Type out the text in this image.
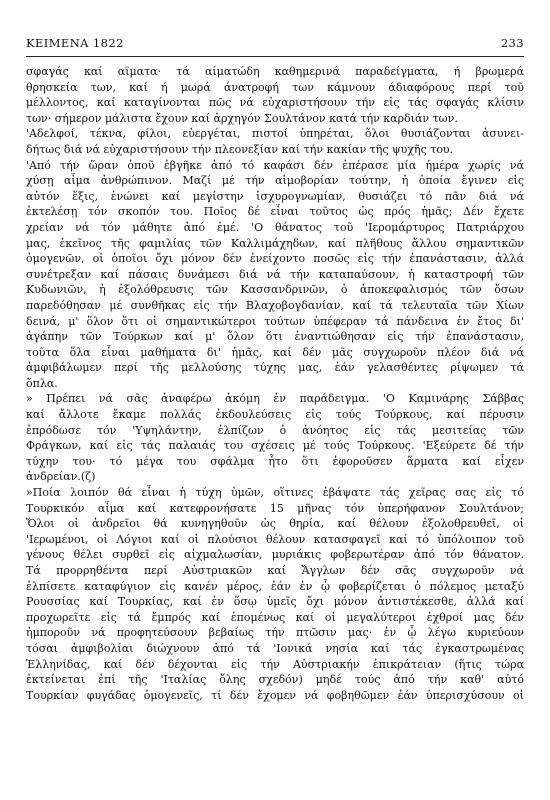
ΚΕΙΜΕΝΑ 1822	233
σφαγάς καί αϊματα· τά αίματώδη καθημερινά παραδείγματα, ή βρωμερά
θρησκεία των, καί ή μωρά άνατροφή των κάμνουν άδιαφόρους περί τοῦ
μέλλοντος, καί καταγίνονται πῶς νά εὐχαριστήσουν τήν εἰς τάς σφαγάς κλίσιν
των· σήμερον μάλιστα ἔχουν καί ἀρχηγόν Σουλτάνον κατά τήν καρδιάν των.
'Αδελφοί, τέκνα, φίλοι, εὐεργέται, πιστοί ὑπηρέται, ὅλοι θυσιάζονται ἀσυνει-
δήτως διά νά εὐχαριστήσουν τήν πλεονεξίαν καί τήν κακίαν τῆς ψυχῆς του.
'Από τήν ὥραν ὁποῦ ἐβγῆκε ἀπό τό καφάσι δέν ἐπέρασε μία ἡμέρα χωρίς νά
χύσῃ αἷμα ἀνθρώπινον. Μαζί μέ τήν αἱμοβορίαν τούτην, ἡ ὁποία ἔγινεν εἰς
αὐτόν ἕξις, ἑνώνει καί μεγίστην ἰσχυρογνωμίαν, θυσιάζει τό πᾶν διά νά
ἐκτελέσῃ τόν σκοπόν του. Ποῖος δέ εἶναι τοῦτος ὡς πρός ἡμᾶς; Δέν ἔχετε
χρείαν νά τόν μάθητε ἀπό ἐμέ. 'Ο θάνατος τοῦ 'Ιερομάρτυρος Πατριάρχου
μας, ἐκεῖνος τῆς φαμιλίας τῶν Καλλιμάχηδων, καί πλῆθους ἄλλου σημαντικῶν
ὁμογενῶν, οἱ ὁποῖοι ὄχι μόνον δέν ἐνείχοντο ποσῶς εἰς τήν ἐπανάστασιν, ἀλλά
συνέτρεξαν καί πάσαις δυνάμεσι διά νά τήν καταπαύσουν, ἡ καταστροφή τῶν
Κυδωνιῶν, ἡ ἐξολόθρευσις τῶν Κασσανδρινῶν, ὁ ἀποκεφαλισμός τῶν ὅσων
παρεδόθησαν μέ συνθῆκας εἰς τήν Βλαχοβογδανίαν, καί τά τελευταῖα τῶν Χίων
δεινά, μ' ὅλον ὅτι οἱ σημαντικώτεροι τούτων ὑπέφεραν τά πάνδεινα ἐν ἔτος δι'
ἀγάπην τῶν Τούρκων καί μ' ὅλον ὅτι ἐναντιώθησαν εἰς τήν ἐπανάστασιν,
τοῦτα ὅλα εἶναι μαθήματα δι' ἡμᾶς, καί δέν μᾶς συγχωροῦν πλέον διά νά
ἀμφιβάλωμεν περί τῆς μελλούσης τύχης μας, ἐάν γελασθέντες ρίψωμεν τά
ὅπλα.
» Πρέπει νά σᾶς ἀναφέρω ἀκόμη ἐν παράδειγμα. 'Ο Καμινάρης Σάββας
καί ἄλλοτε ἔκαμε πολλάς ἐκδουλεύσεις εἰς τούς Τούρκους, καί πέρυσιν
ἐπρόδωσε τόν 'Υψηλάντην, ἐλπίζων ὁ ἀνόητος εἰς τάς μεσιτείας τῶν
Φράγκων, καί εἰς τάς παλαιάς του σχέσεις μέ τούς Τούρκους. 'Εξεύρετε δέ τήν
τύχην του· τό μέγα του σφάλμα ἦτο ὅτι ἐφοροῦσεν ἅρματα καί εἶχεν
ἀνδρείαν.(ζ)
»Ποία λοιπόν θά εἶναι ἡ τύχη ὑμῶν, οἵτινες ἐβάψατε τάς χεῖρας σας εἰς τό
Τουρκικόν αἷμα καί κατεφρονήσατε 15 μῆνας τόν ὑπερήφανον Σουλτάνον;
Ὅλοι οἱ ἀνδρεῖοι θά κυνηγηθοῦν ὡς θηρία, καί θέλουν ἐξολοθρευθεῖ, οἱ
'Ιερωμένοι, οἱ Λόγιοι καί οἱ πλούσιοι θέλουν κατασφαγεῖ καί τό ὑπόλοιπον τοῦ
γένους θέλει συρθεῖ εἰς αἰχμαλωσίαν, μυριάκις φοβερωτέραν ἀπό τόν θάνατον.
Τά προρρηθέντα περί Αὐστριακῶν καί Ἄγγλων δέν σᾶς συγχωροῦν νά
ἐλπίσετε καταφύγιον εἰς κανέν μέρος, ἐάν ἐν ᾧ φοβερίζεται ὁ πόλεμος μεταξύ
Ρουσσίας καί Τουρκίας, καί ἐν ὅσῳ ὑμεῖς ὄχι μόνον ἀντιστέκεσθε, ἀλλά καί
προχωρεῖτε εἰς τά ἔμπρός καί ἐπομένως καί οἱ μεγαλύτεροι ἐχθροί μας δέν
ἠμποροῦν νά προφητεύσουν βεβαίως τήν πτῶσιν μας· ἐν ᾧ λέγω κυριεύουν
τόσαι ἀμφιβολίαι διώχνουν ἀπό τά 'Ιονικά νησία καί τάς ἐγκαστρωμένας
Ἑλληνίδας, καί δέν δέχονται εἰς τήν Αὐστριακήν ἐπικράτειαν (ἥτις τώρα
ἐκτείνεται ἐπί τῆς 'Ιταλίας ὅλης σχεδόν) μηδέ τούς ἀπό τήν καθ' αὐτό
Τουρκίαν φυγάδας ὁμογενεῖς, τί δέν ἔχομεν νά φοβηθῶμεν ἐάν ὑπερισχύσουν οἱ
